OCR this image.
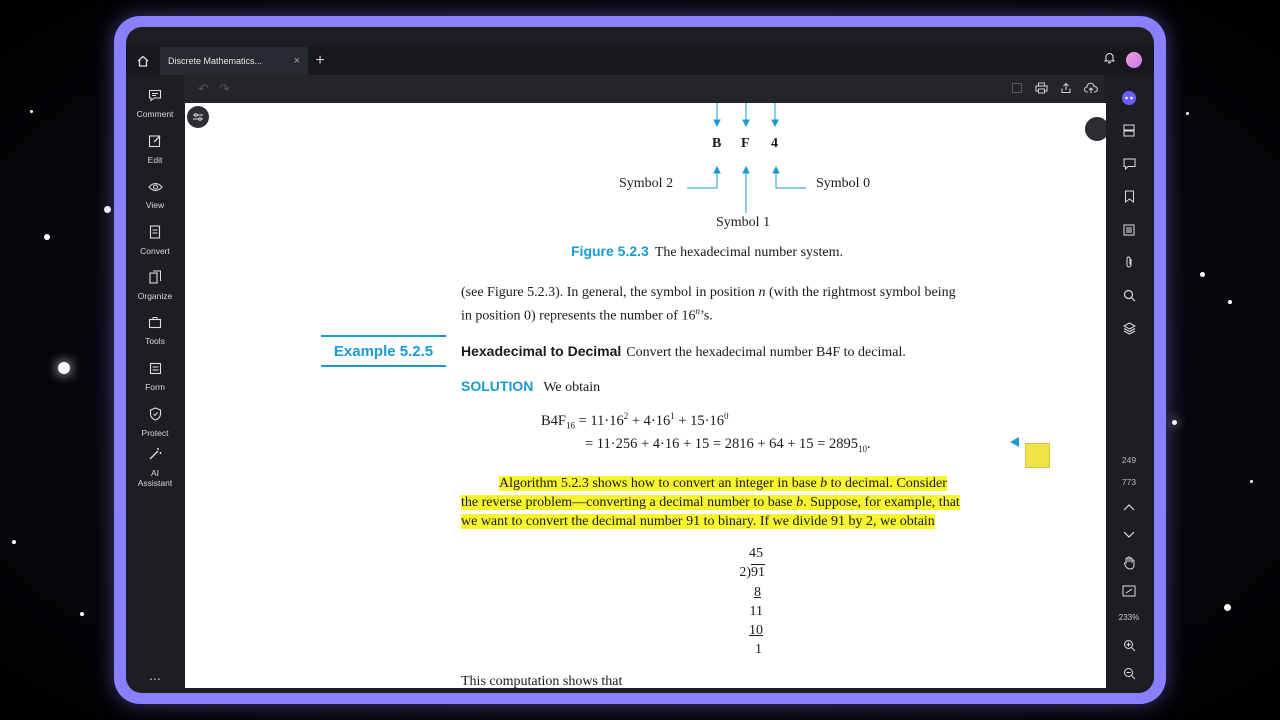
Discrete Mathematics...	× +
↶ ↷
Comment
Edit
View
Convert
Organize
Tools
Form
Protect
AI Assistant
...
249
773
233%
B F 4
Symbol 2	Symbol 0
Symbol 1
Figure 5.2.3 The hexadecimal number system.
(see Figure 5.2.3). In general, the symbol in position n (with the rightmost symbol being
in position 0) represents the number of 16$^n$’s.
Example 5.2.5	Hexadecimal to Decimal Convert the hexadecimal number B4F to decimal.
SOLUTION We obtain
$B4F_{16} = 11\cdot 16^2 + 4\cdot 16^1 + 15\cdot 16^0$
= $11\cdot 256 + 4\cdot 16 + 15 = 2816 + 64 + 15 = 2895_{10}$.
Algorithm 5.2.3 shows how to convert an integer in base b to decimal. Consider
the reverse problem—converting a decimal number to base b. Suppose, for example, that
we want to convert the decimal number 91 to binary. If we divide 91 by 2, we obtain
45
2)91
8
11
10
1
This computation shows that
